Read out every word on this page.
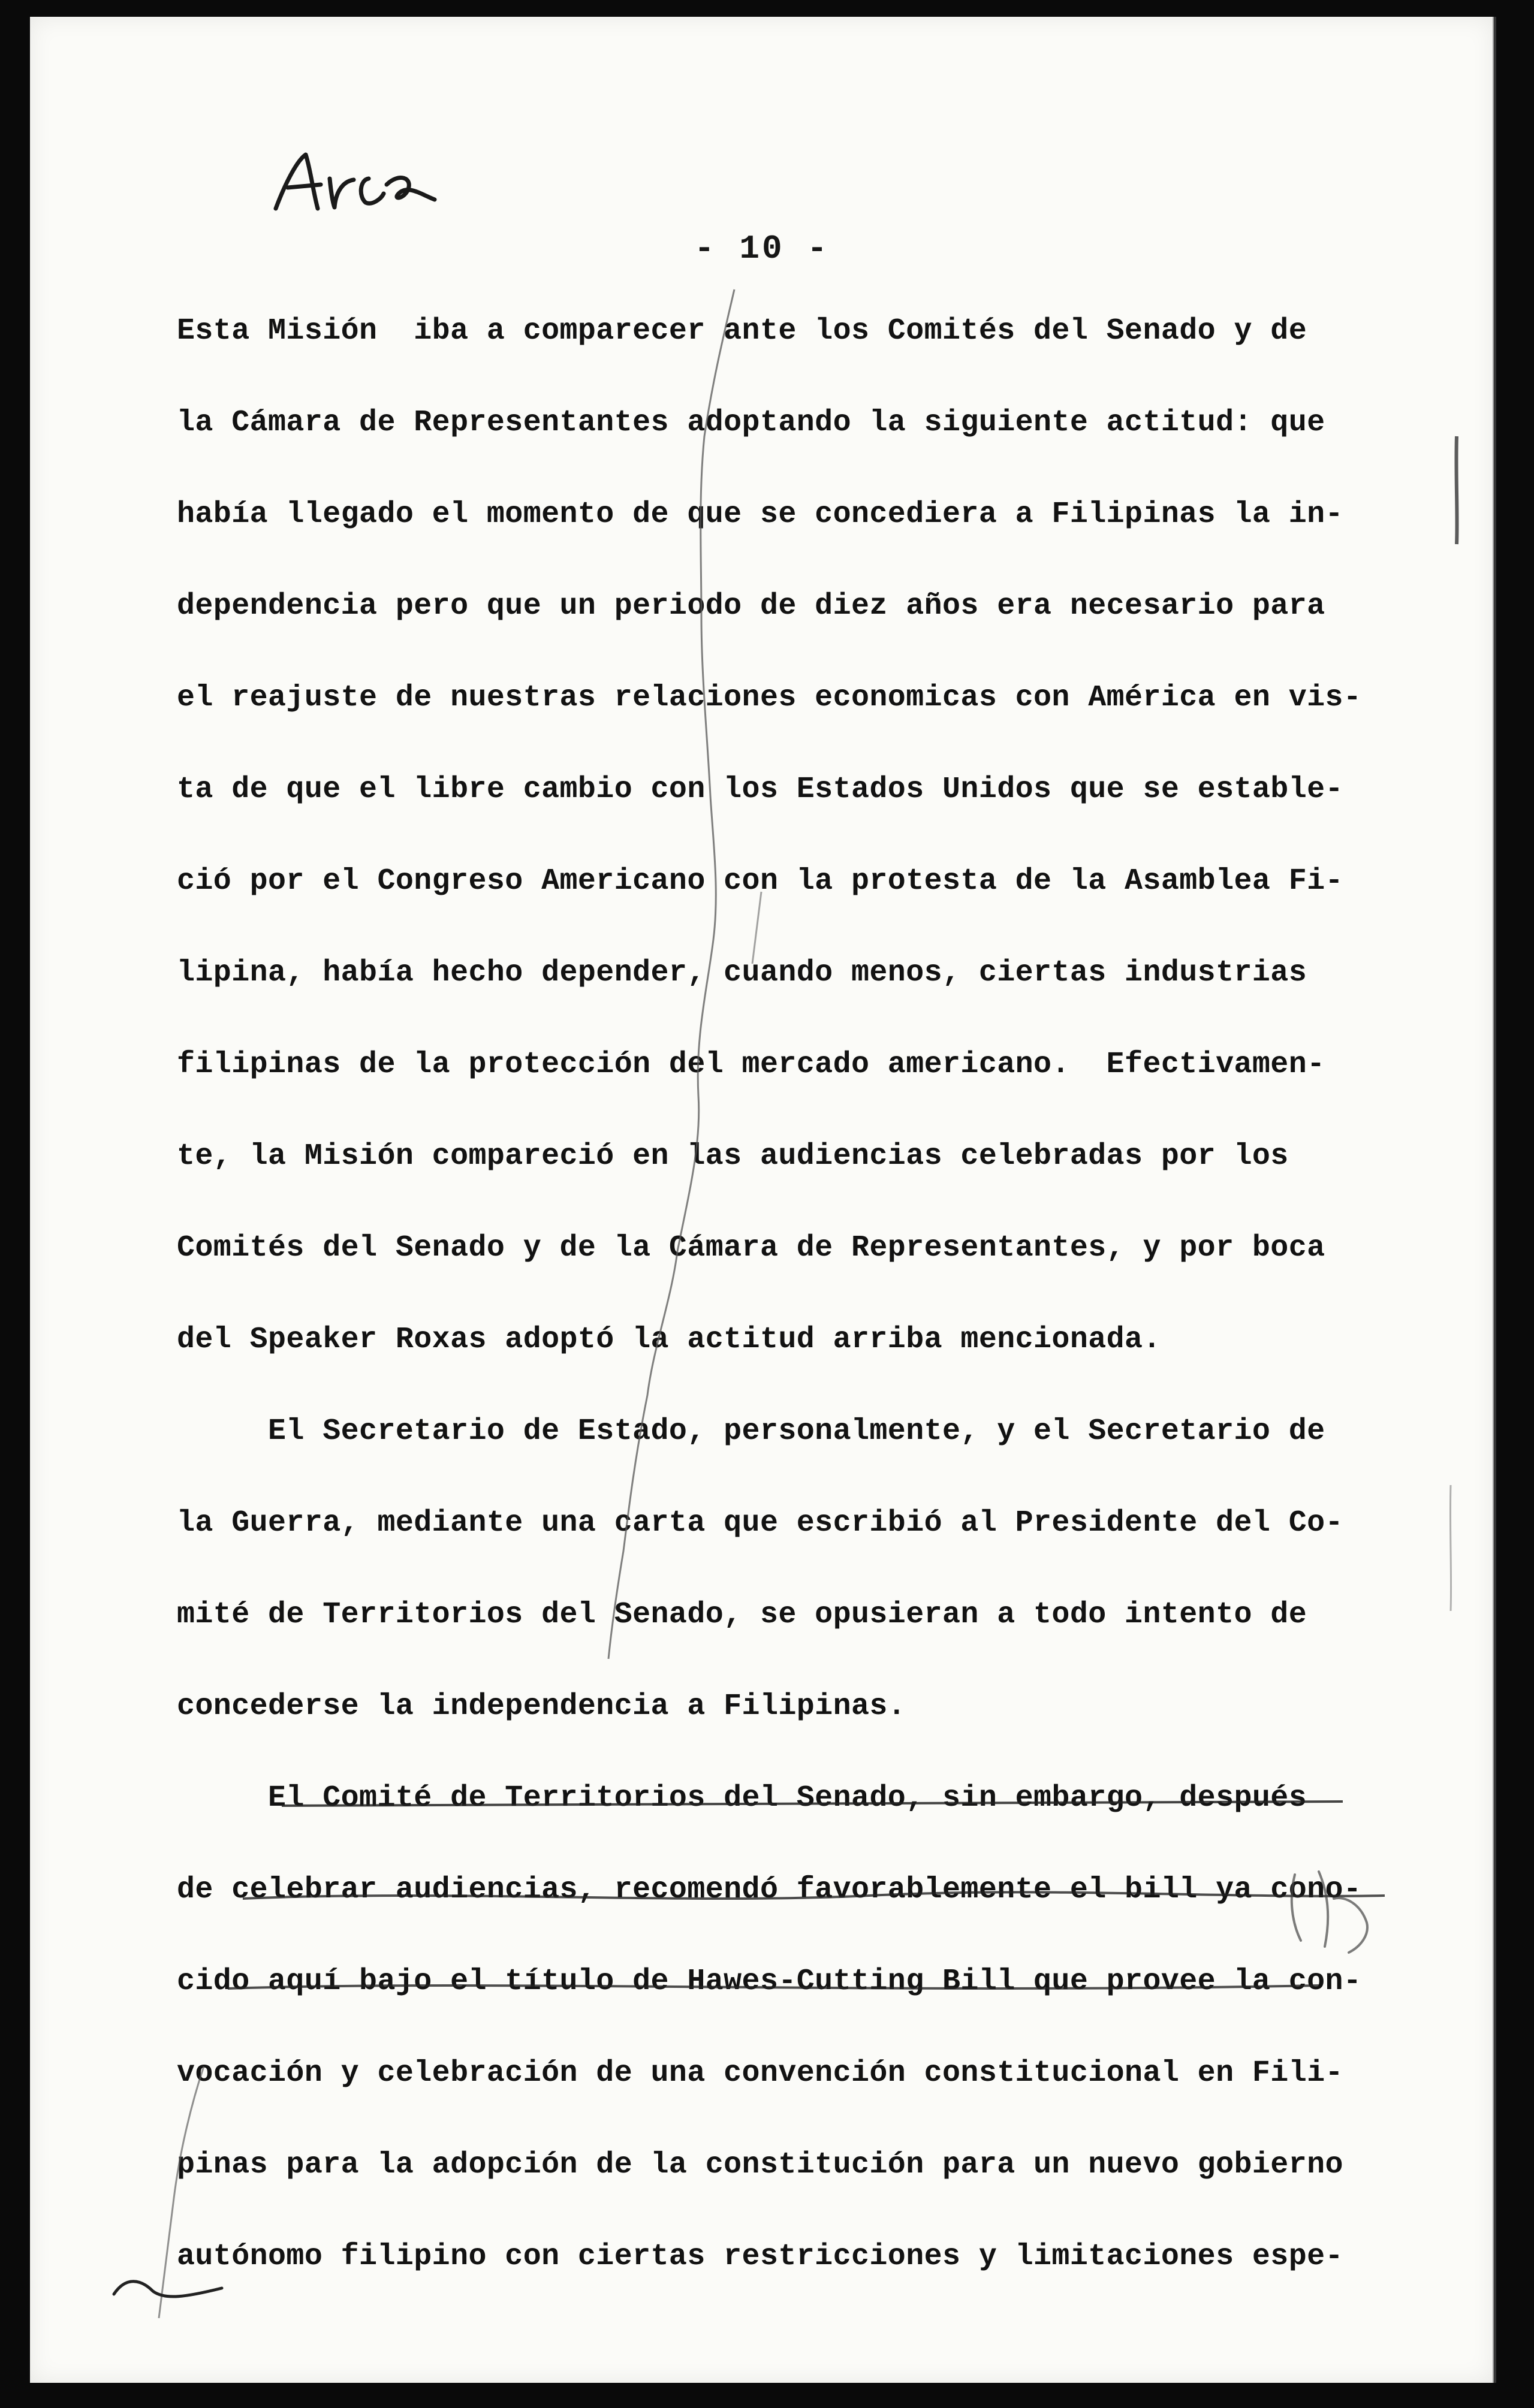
- 10 -
Esta Misión  iba a comparecer ante los Comités del Senado y de
la Cámara de Representantes adoptando la siguiente actitud: que
había llegado el momento de que se concediera a Filipinas la in-
dependencia pero que un periodo de diez años era necesario para
el reajuste de nuestras relaciones economicas con América en vis-
ta de que el libre cambio con los Estados Unidos que se estable-
ció por el Congreso Americano con la protesta de la Asamblea Fi-
lipina, había hecho depender, cuando menos, ciertas industrias
filipinas de la protección del mercado americano.  Efectivamen-
te, la Misión compareció en las audiencias celebradas por los
Comités del Senado y de la Cámara de Representantes, y por boca
del Speaker Roxas adoptó la actitud arriba mencionada.
El Secretario de Estado, personalmente, y el Secretario de
la Guerra, mediante una carta que escribió al Presidente del Co-
mité de Territorios del Senado, se opusieran a todo intento de
concederse la independencia a Filipinas.
El Comité de Territorios del Senado, sin embargo, después
de celebrar audiencias, recomendó favorablemente el bill ya cono-
cido aquí bajo el título de Hawes-Cutting Bill que provee la con-
vocación y celebración de una convención constitucional en Fili-
pinas para la adopción de la constitución para un nuevo gobierno
autónomo filipino con ciertas restricciones y limitaciones espe-
